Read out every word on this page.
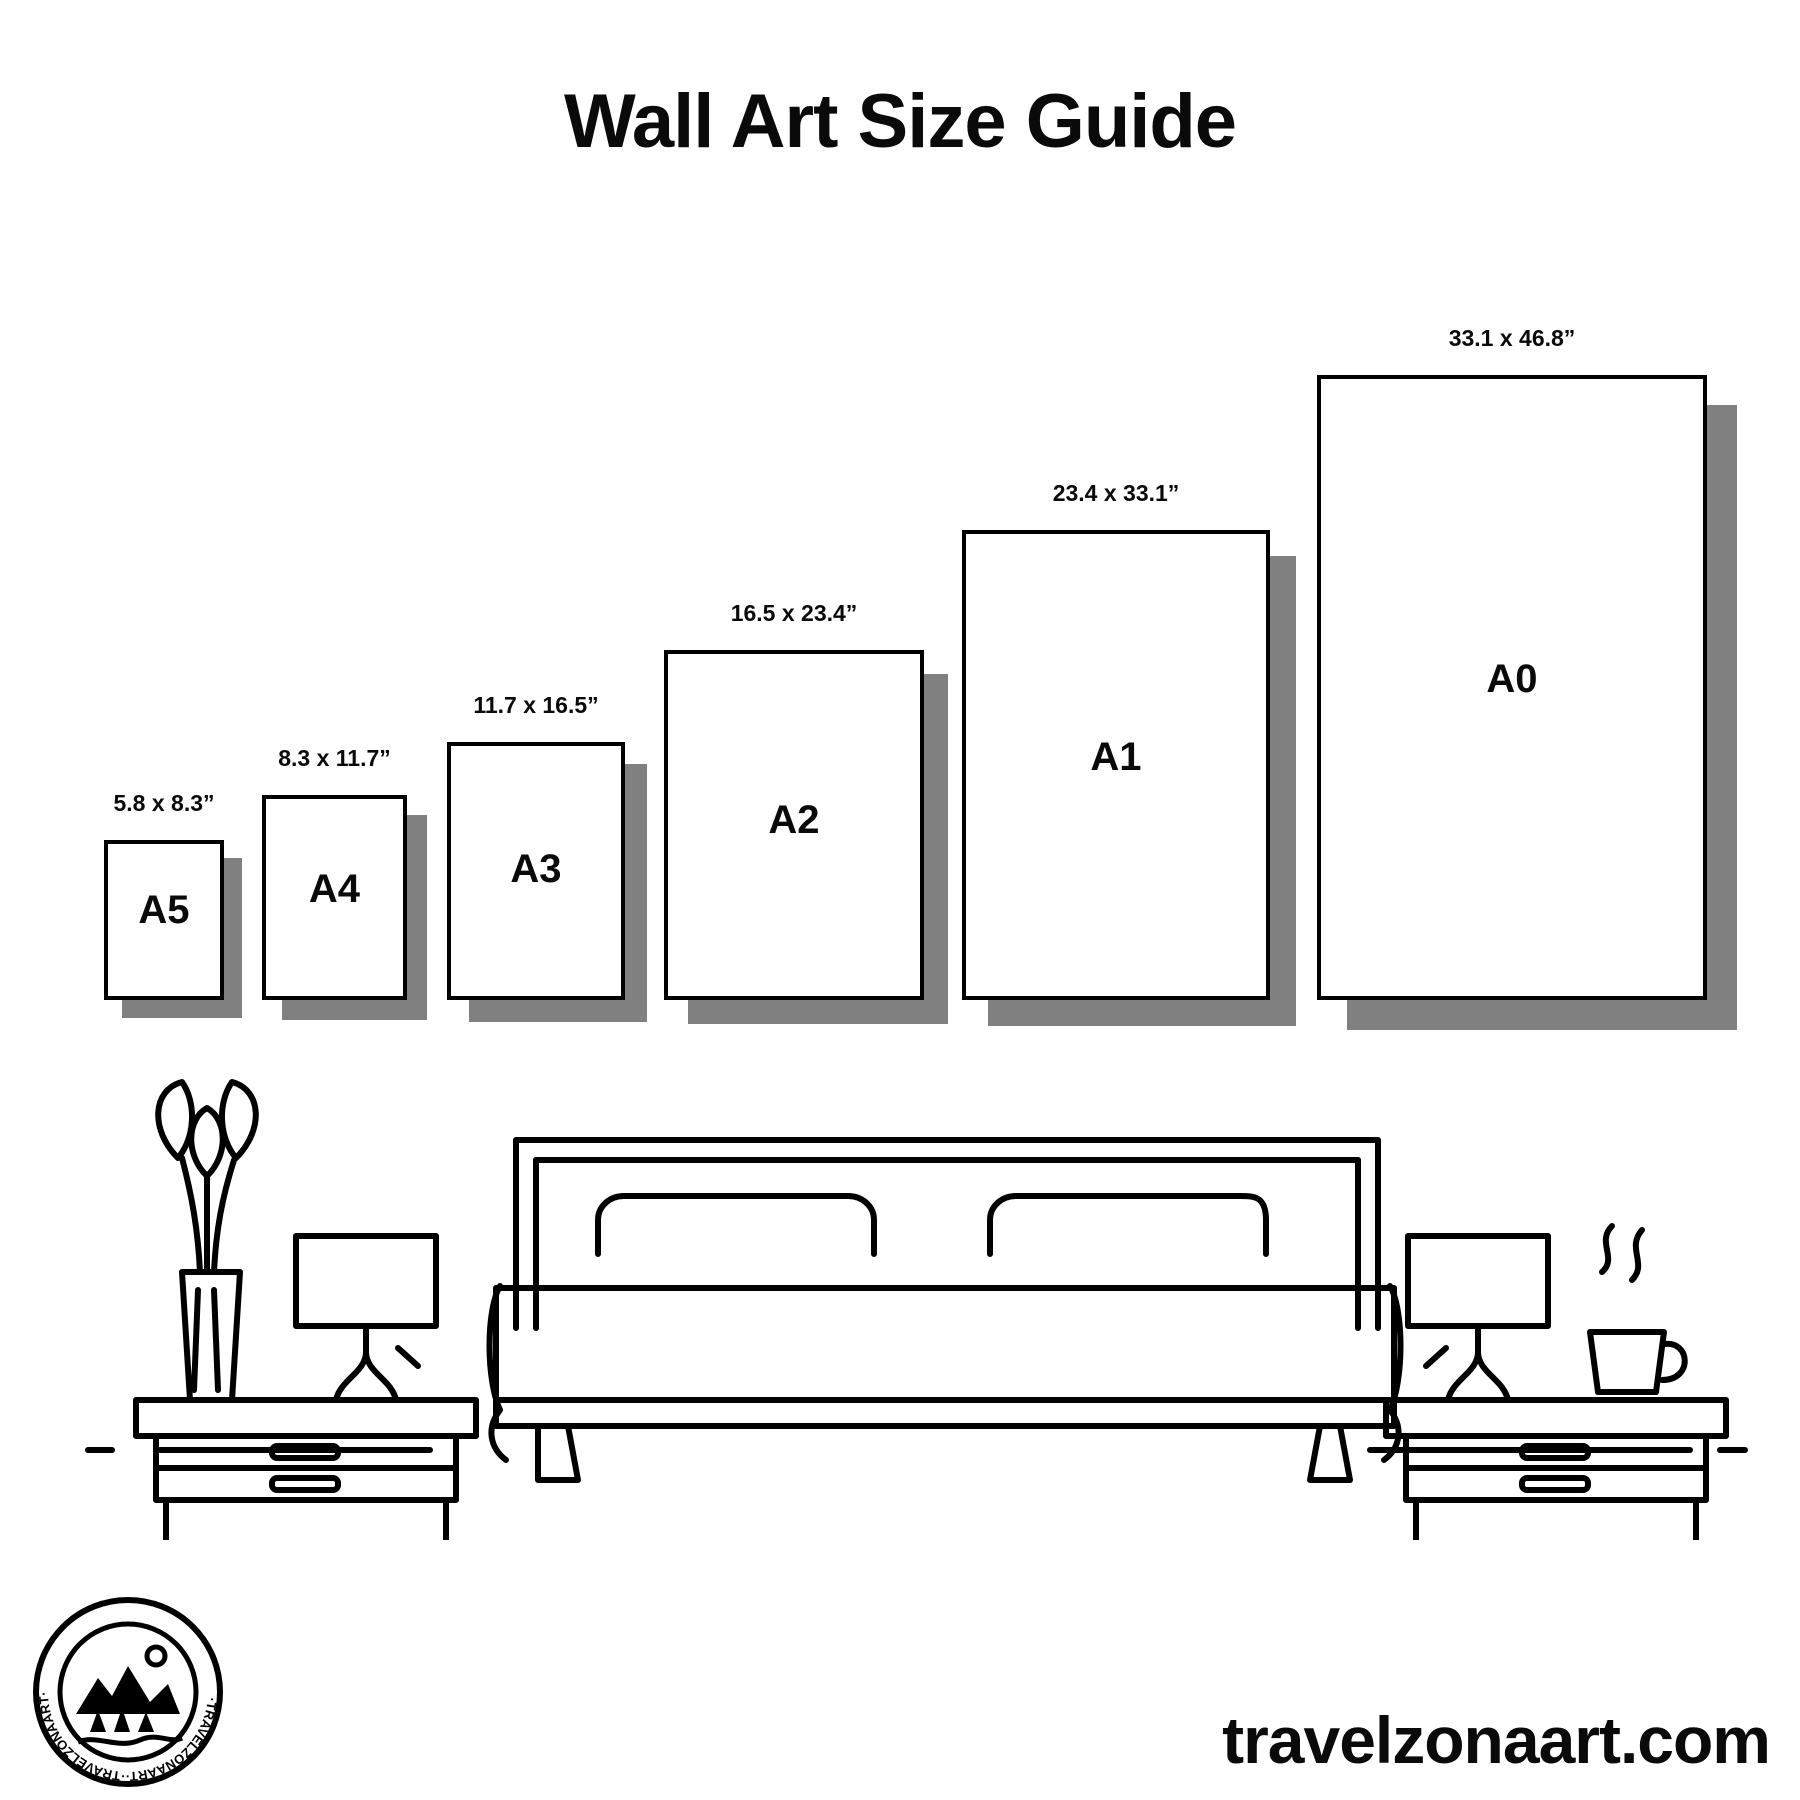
Wall Art Size Guide
5.8 x 8.3”
A5
8.3 x 11.7”
A4
11.7 x 16.5”
A3
16.5 x 23.4”
A2
23.4 x 33.1”
A1
33.1 x 46.8”
A0
·TRAVELZONAART··TRAVELZONAART·
travelzonaart.com
